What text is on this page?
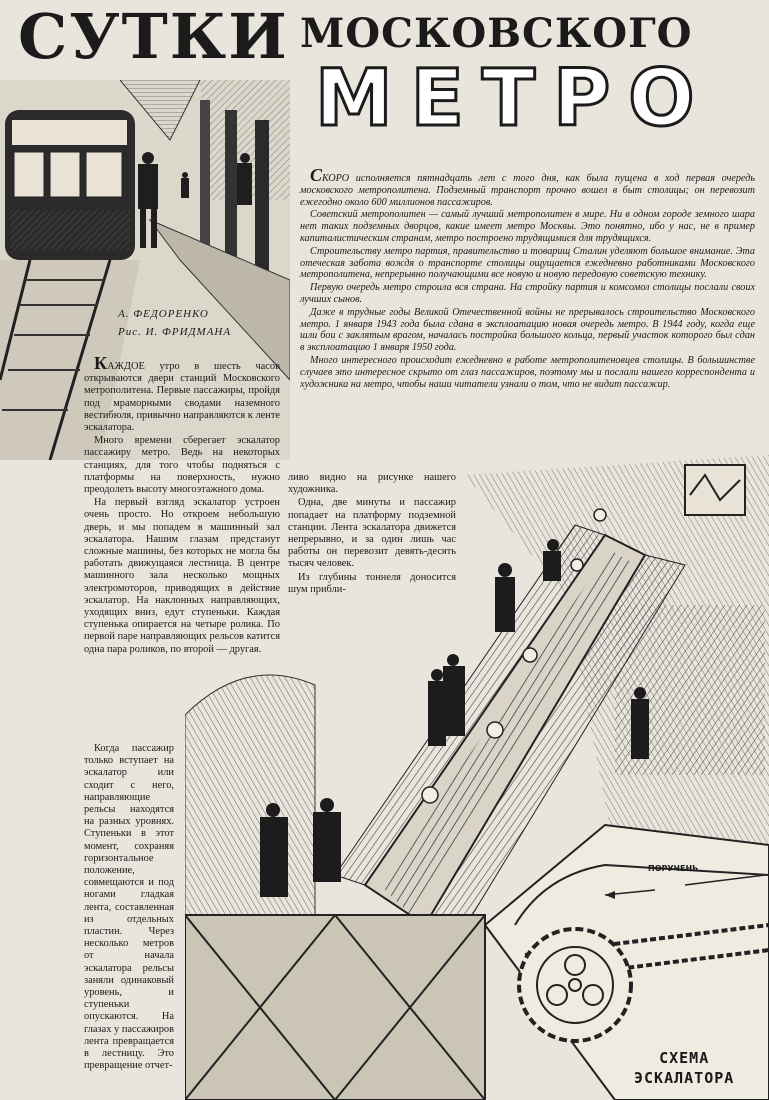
СУТКИ МОСКОВСКОГО
МЕТРО
А. ФЕДОРЕНКО
Рис. И. ФРИДМАНА

СКОРО исполняется пятнадцать лет с того дня, как была пущена в ход первая очередь московского метрополитена. Подземный транспорт прочно вошел в быт столицы; он перевозит ежегодно около 600 миллионов пассажиров.

Советский метрополитен — самый лучший метрополитен в мире. Ни в одном городе земного шара нет таких подземных дворцов, какие имеет метро Москвы. Это понятно, ибо у нас, не в пример капиталистическим странам, метро построено трудящимися для трудящихся.

Строительству метро партия, правительство и товарищ Сталин уделяют большое внимание. Эта отеческая забота вождя о транспорте столицы ощущается ежедневно работниками Московского метрополитена, непрерывно получающими все новую и новую передовую советскую технику.

Первую очередь метро строила вся страна. На стройку партия и комсомол столицы послали своих лучших сынов.

Даже в трудные годы Великой Отечественной войны не прерывалось строительство Московского метро. 1 января 1943 года была сдана в эксплоатацию новая очередь метро. В 1944 году, когда еще шли бои с заклятым врагом, началась постройка большого кольца, первый участок которого был сдан в эксплоатацию 1 января 1950 года.

Много интересного происходит ежедневно в работе метрополитеновцев столицы. В большинстве случаев это интересное скрыто от глаз пассажиров, поэтому мы и послали нашего корреспондента и художника на метро, чтобы наши читатели узнали о том, что не видит пассажир.

КАЖДОЕ утро в шесть часов открываются двери станций Московского метрополитена. Первые пассажиры, пройдя под мраморными сводами наземного вестибюля, привычно направляются к ленте эскалатора.

Много времени сберегает эскалатор пассажиру метро. Ведь на некоторых станциях, для того чтобы подняться с платформы на поверхность, нужно преодолеть высоту многоэтажного дома.

На первый взгляд эскалатор устроен очень просто. Но откроем небольшую дверь, и мы попадем в машинный зал эскалатора. Нашим глазам предстанут сложные машины, без которых не могла бы работать движущаяся лестница. В центре машинного зала несколько мощных электромоторов, приводящих в действие эскалатор. На наклонных направляющих, уходящих вниз, едут ступеньки. Каждая ступенька опирается на четыре ролика. По первой паре направляющих рельсов катится одна пара роликов, по второй — другая.

Когда пассажир только вступает на эскалатор или сходит с него, направляющие рельсы находятся на разных уровнях. Ступеньки в этот момент, сохраняя горизонтальное положение, совмещаются и под ногами гладкая лента, составленная из отдельных пластин. Через несколько метров от начала эскалатора рельсы заняли одинаковый уровень, и ступеньки опускаются. На глазах у пассажиров лента превращается в лестницу. Это превращение отчет-

ливо видно на рисунке нашего художника.

Одна, две минуты и пассажир попадает на платформу подземной станции. Лента эскалатора движется непрерывно, и за один лишь час работы он перевозит девять-десять тысяч человек.

Из глубины тоннеля доносится шум прибли-

ПОРУЧЕНЬ
СХЕМА
ЭСКАЛАТОРА
